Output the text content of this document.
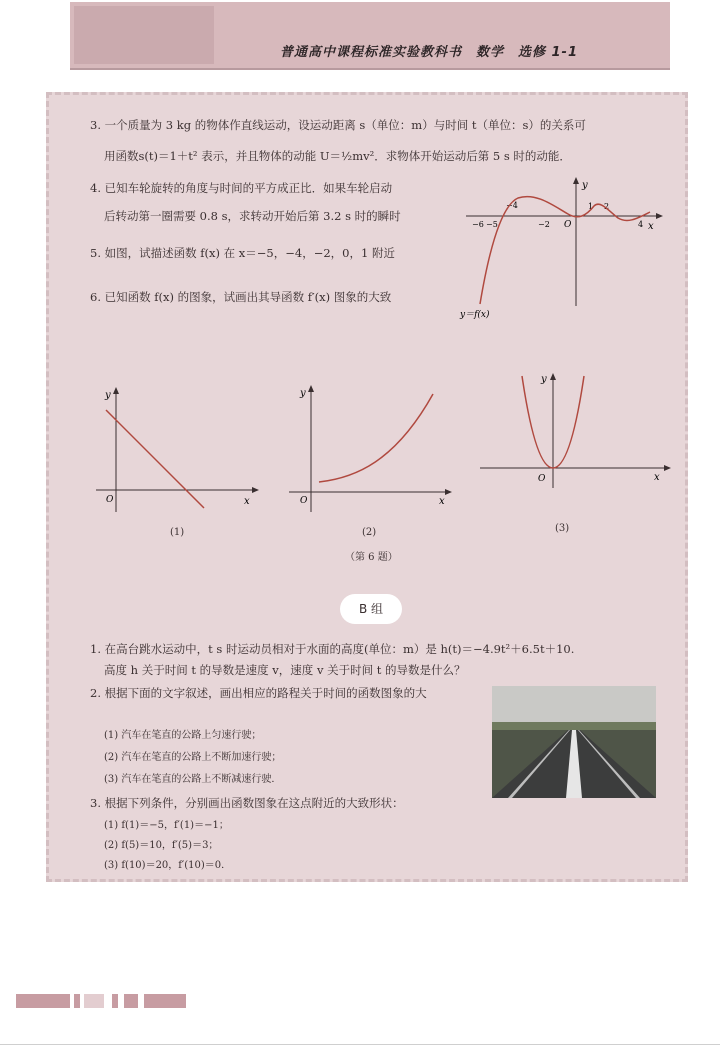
普通高中课程标准实验教科书　数学　选修 1-1
3. 一个质量为 3 kg 的物体作直线运动，设运动距离 s（单位：m）与时间 t（单位：s）的关系可
用函数s(t)＝1＋t² 表示，并且物体的动能 U＝½mv²．求物体开始运动后第 5 s 时的动能．
4. 已知车轮旋转的角度与时间的平方成正比．如果车轮启动
后转动第一圈需要 0.8 s，求转动开始后第 3.2 s 时的瞬时
5. 如图，试描述函数 f(x) 在 x＝−5，−4，−2，0，1 附近
6. 已知函数 f(x) 的图象，试画出其导函数 f′(x) 图象的大致
y
x
O
−6 −5
−4
−2
1 2
4
y＝f(x)
y
x
O
(1)
y
x
O
(2)
y
x
O
(3)
（第 6 题）
B 组
1. 在高台跳水运动中，t s 时运动员相对于水面的高度(单位：m）是 h(t)＝−4.9t²＋6.5t＋10.
高度 h 关于时间 t 的导数是速度 v，速度 v 关于时间 t 的导数是什么？
2. 根据下面的文字叙述，画出相应的路程关于时间的函数图象的大
(1) 汽车在笔直的公路上匀速行驶；
(2) 汽车在笔直的公路上不断加速行驶；
(3) 汽车在笔直的公路上不断减速行驶．
3. 根据下列条件，分别画出函数图象在这点附近的大致形状：
(1) f(1)＝−5，f′(1)＝−1；
(2) f(5)＝10，f′(5)＝3；
(3) f(10)＝20，f′(10)＝0．
